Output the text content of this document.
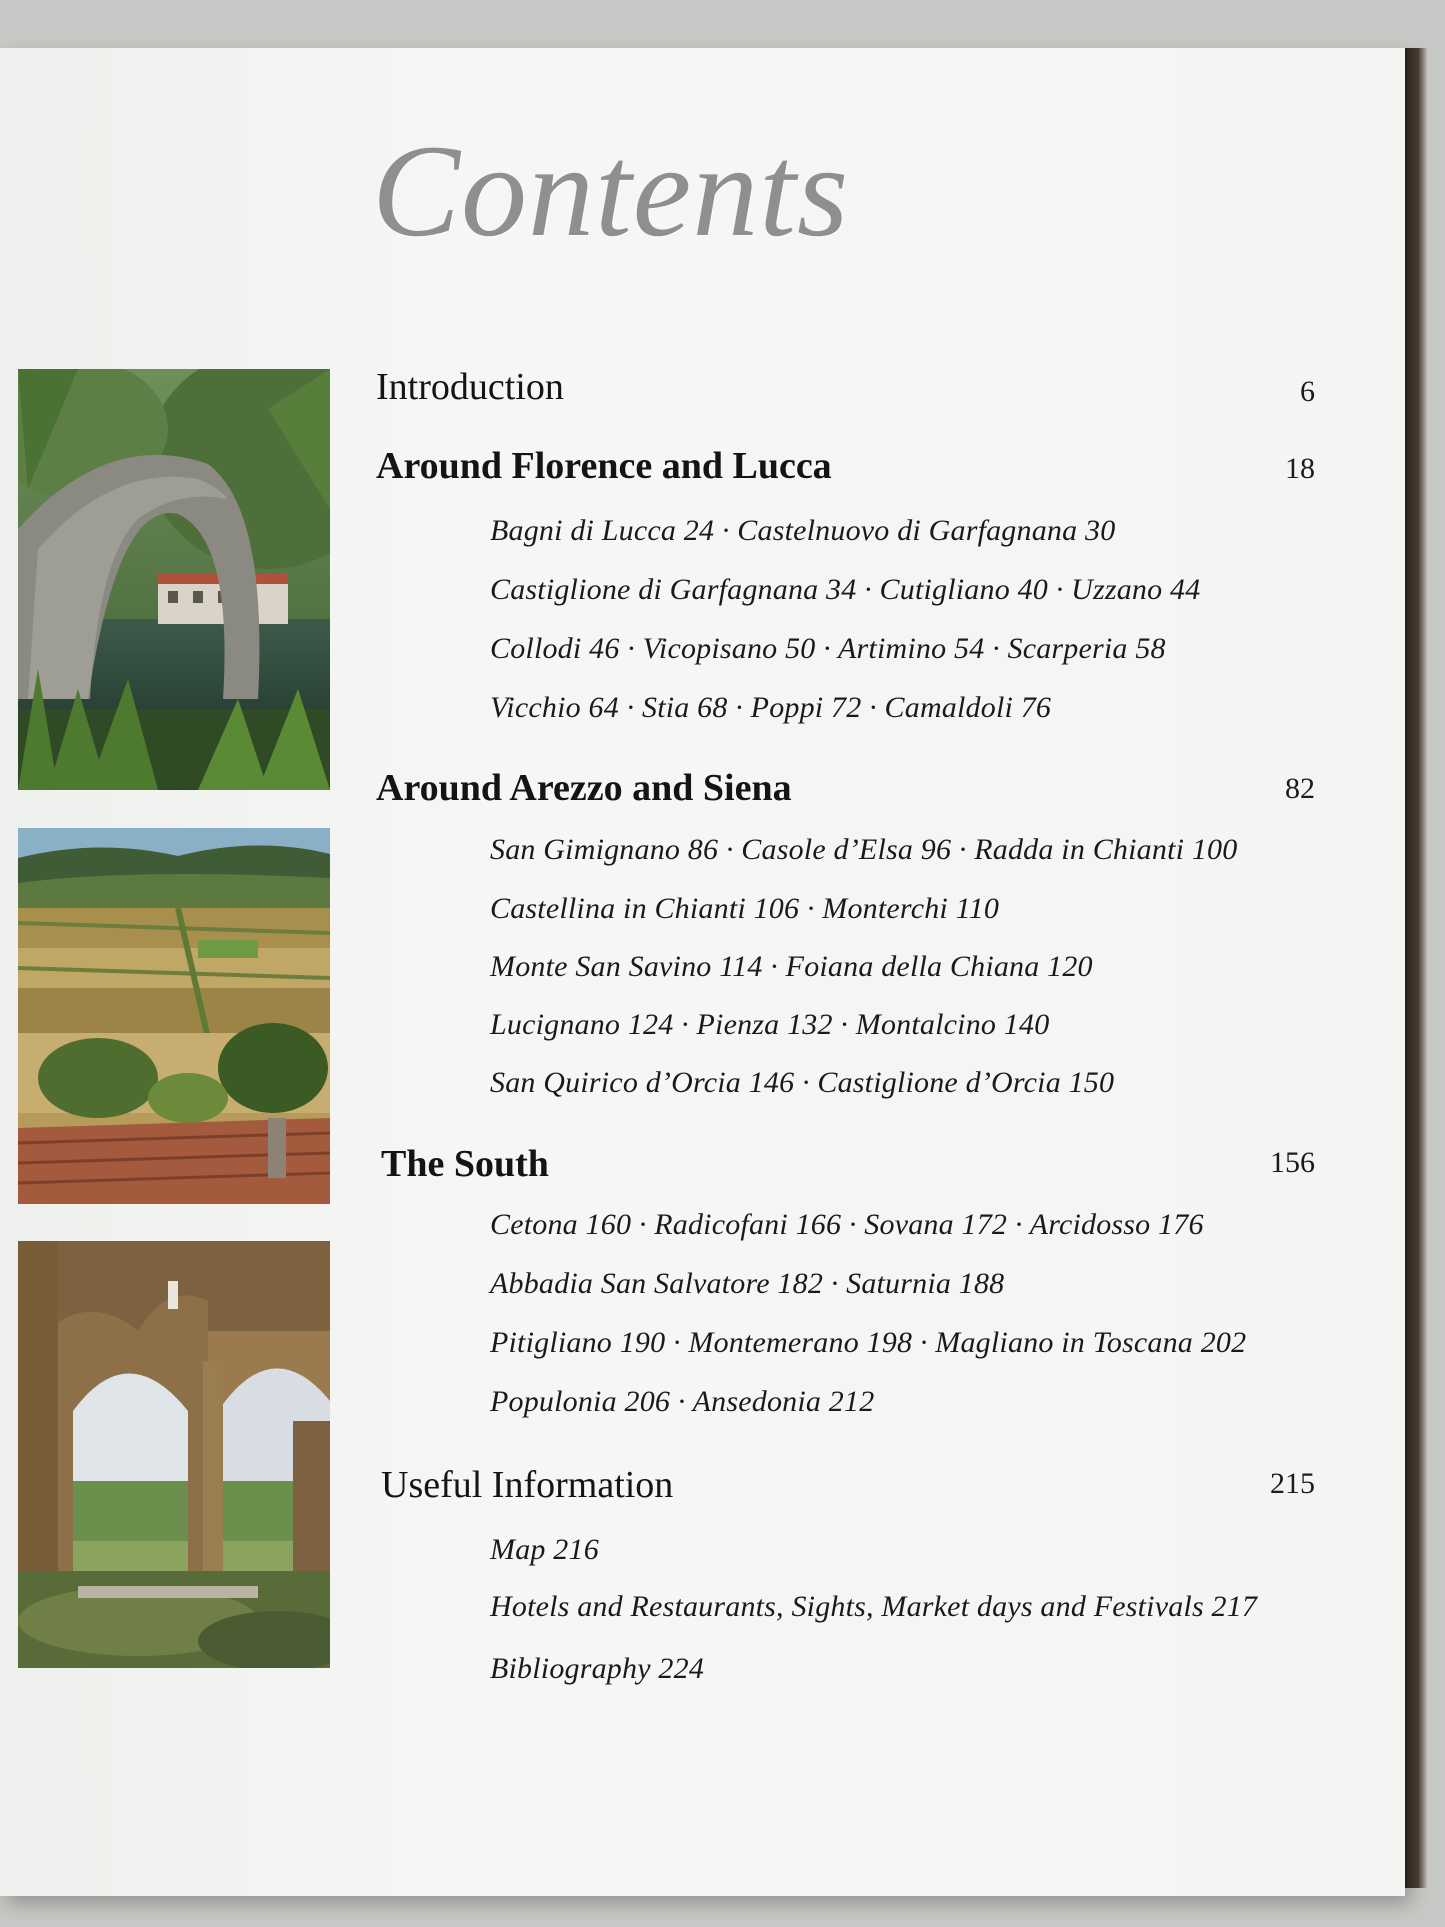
Contents
Introduction	6
Around Florence and Lucca	18
Bagni di Lucca 24 · Castelnuovo di Garfagnana 30
Castiglione di Garfagnana 34 · Cutigliano 40 · Uzzano 44
Collodi 46 · Vicopisano 50 · Artimino 54 · Scarperia 58
Vicchio 64 · Stia 68 · Poppi 72 · Camaldoli 76
Around Arezzo and Siena	82
San Gimignano 86 · Casole d’Elsa 96 · Radda in Chianti 100
Castellina in Chianti 106 · Monterchi 110
Monte San Savino 114 · Foiana della Chiana 120
Lucignano 124 · Pienza 132 · Montalcino 140
San Quirico d’Orcia 146 · Castiglione d’Orcia 150
The South	156
Cetona 160 · Radicofani 166 · Sovana 172 · Arcidosso 176
Abbadia San Salvatore 182 · Saturnia 188
Pitigliano 190 · Montemerano 198 · Magliano in Toscana 202
Populonia 206 · Ansedonia 212
Useful Information	215
Map 216
Hotels and Restaurants, Sights, Market days and Festivals 217
Bibliography 224
